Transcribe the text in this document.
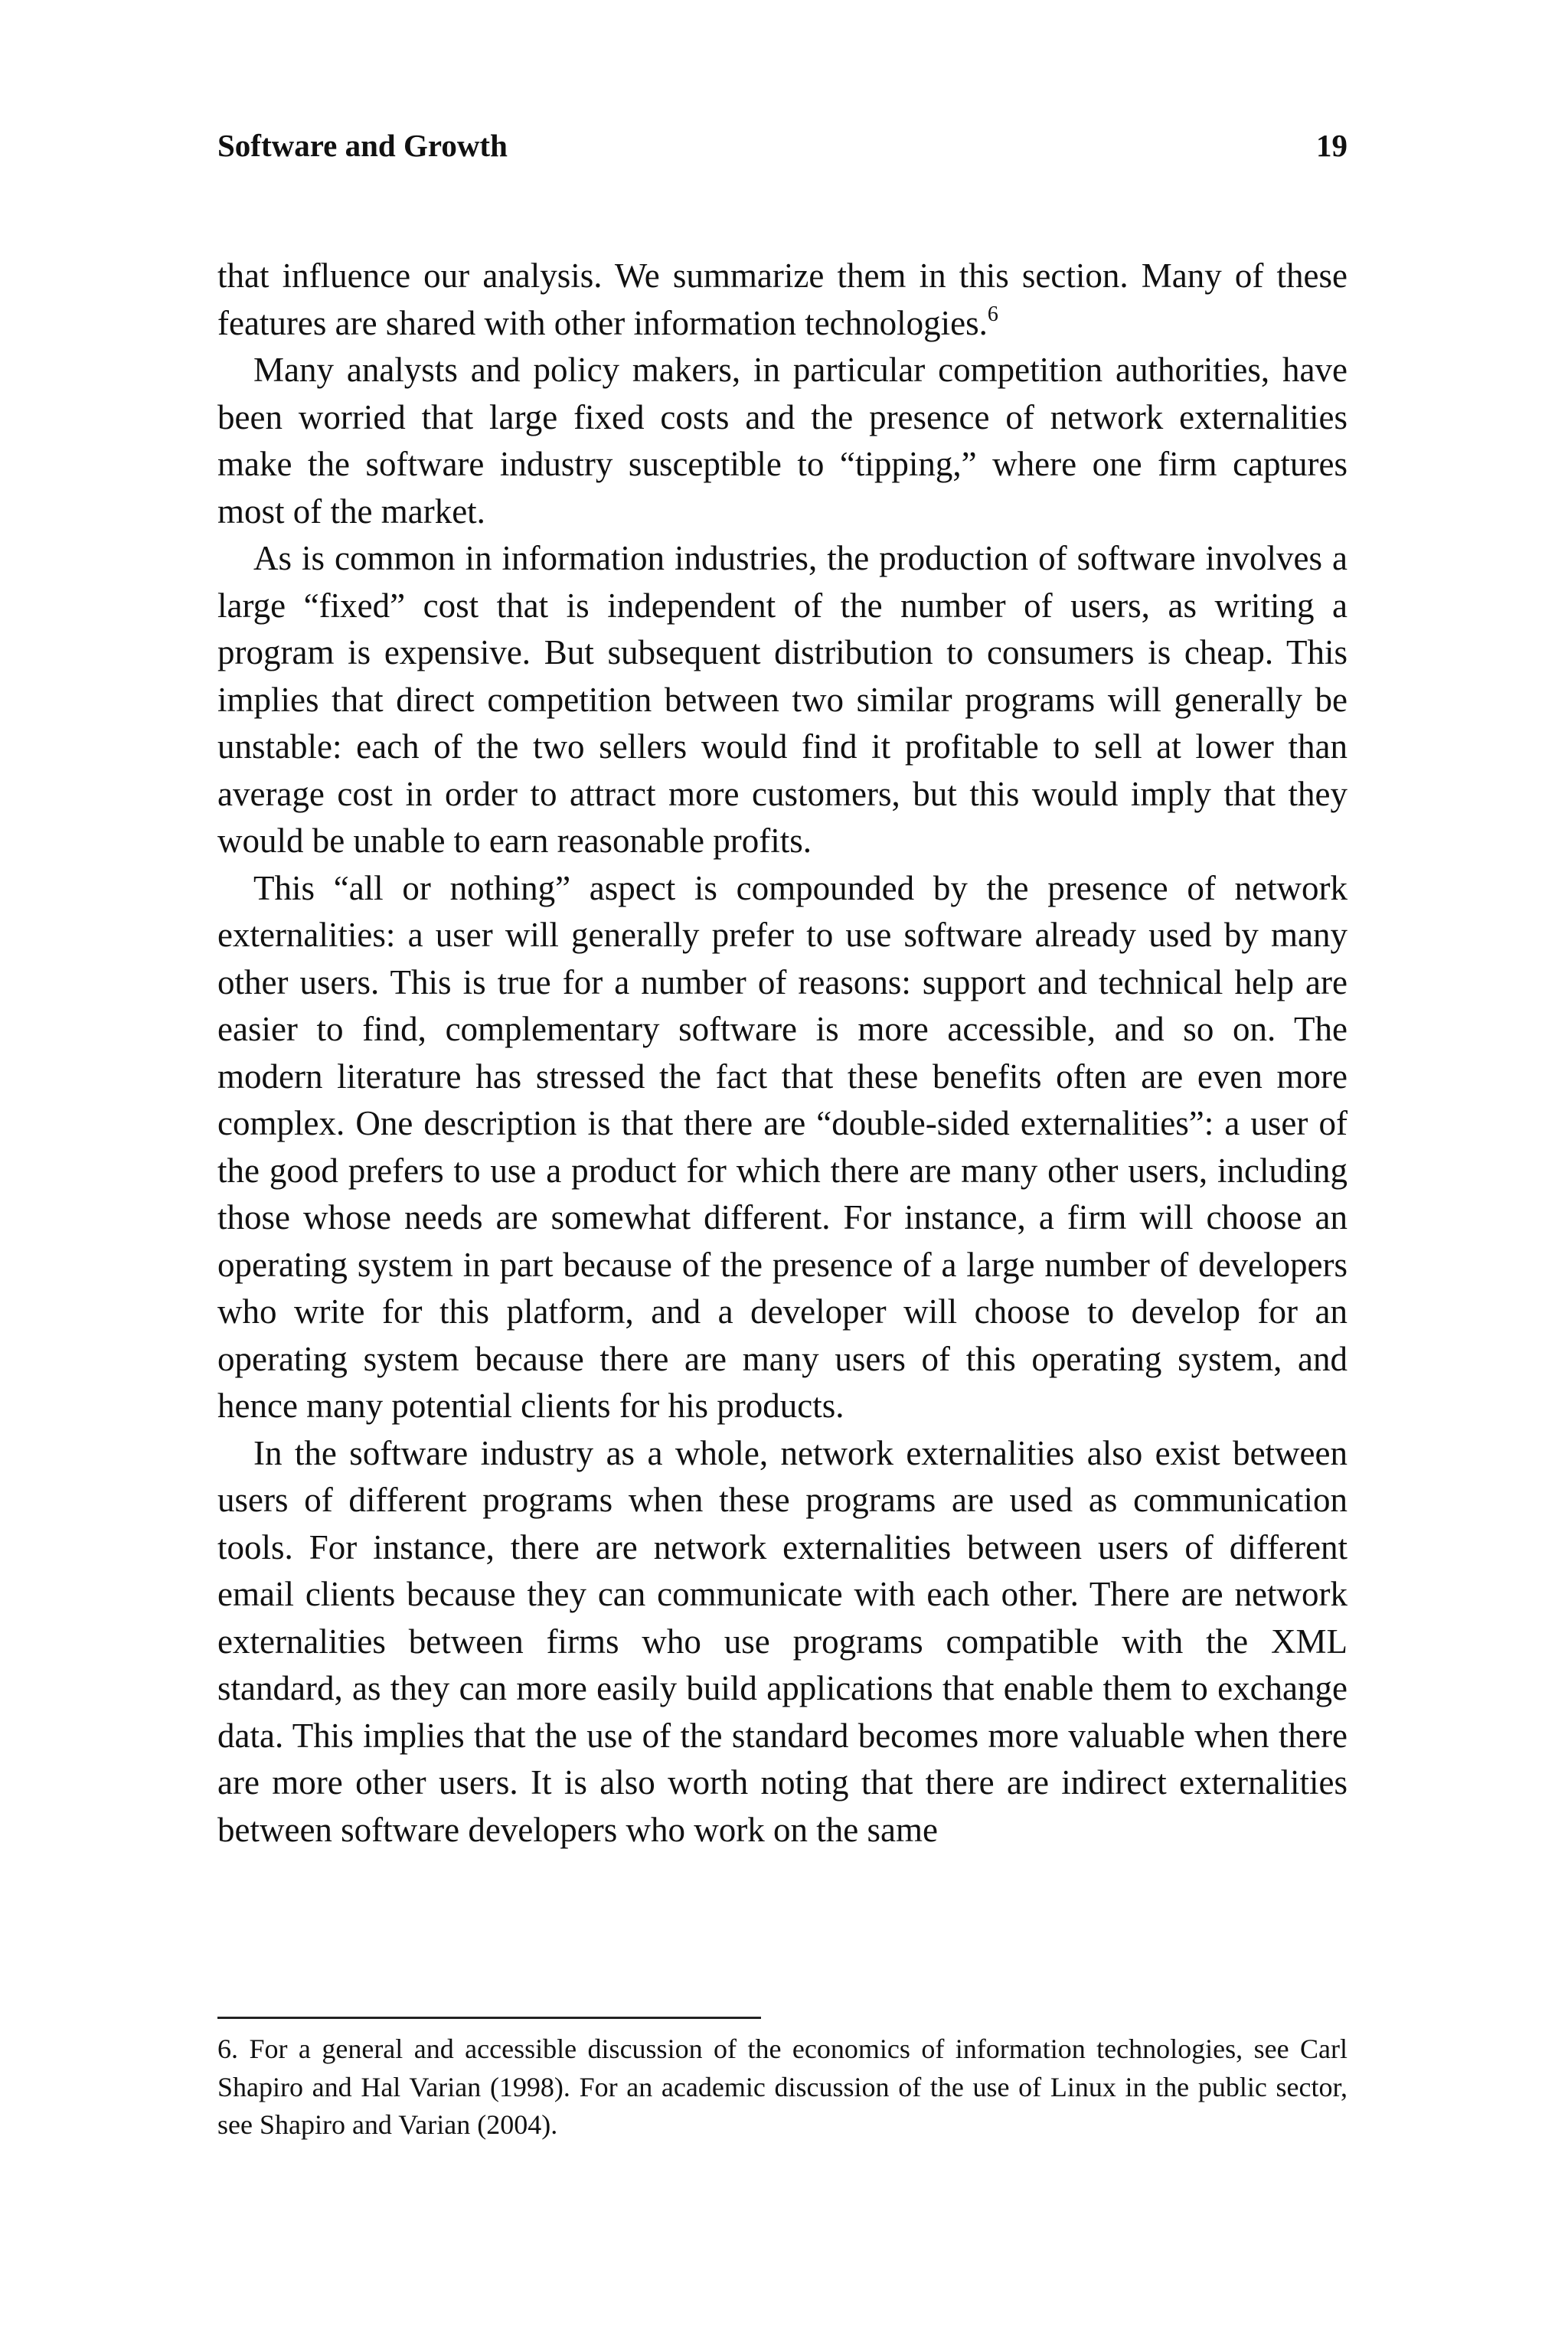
Software and Growth	19

that influence our analysis. We summarize them in this section. Many of these features are shared with other information technologies.$^6$

Many analysts and policy makers, in particular competition authorities, have been worried that large fixed costs and the presence of network externalities make the software industry susceptible to “tipping,” where one firm captures most of the market.

As is common in information industries, the production of software involves a large “fixed” cost that is independent of the number of users, as writing a program is expensive. But subsequent distribution to consumers is cheap. This implies that direct competition between two similar programs will generally be unstable: each of the two sellers would find it profitable to sell at lower than average cost in order to attract more customers, but this would imply that they would be unable to earn reasonable profits.

This “all or nothing” aspect is compounded by the presence of network externalities: a user will generally prefer to use software already used by many other users. This is true for a number of reasons: support and technical help are easier to find, complementary software is more accessible, and so on. The modern literature has stressed the fact that these benefits often are even more complex. One description is that there are “double-sided externalities”: a user of the good prefers to use a product for which there are many other users, including those whose needs are somewhat different. For instance, a firm will choose an operating system in part because of the presence of a large number of developers who write for this platform, and a developer will choose to develop for an operating system because there are many users of this operating system, and hence many potential clients for his products.

In the software industry as a whole, network externalities also exist between users of different programs when these programs are used as communication tools. For instance, there are network externalities between users of different email clients because they can communicate with each other. There are network externalities between firms who use programs compatible with the XML standard, as they can more easily build applications that enable them to exchange data. This implies that the use of the standard becomes more valuable when there are more other users. It is also worth noting that there are indirect externalities between software developers who work on the same

6. For a general and accessible discussion of the economics of information technologies, see Carl Shapiro and Hal Varian (1998). For an academic discussion of the use of Linux in the public sector, see Shapiro and Varian (2004).
